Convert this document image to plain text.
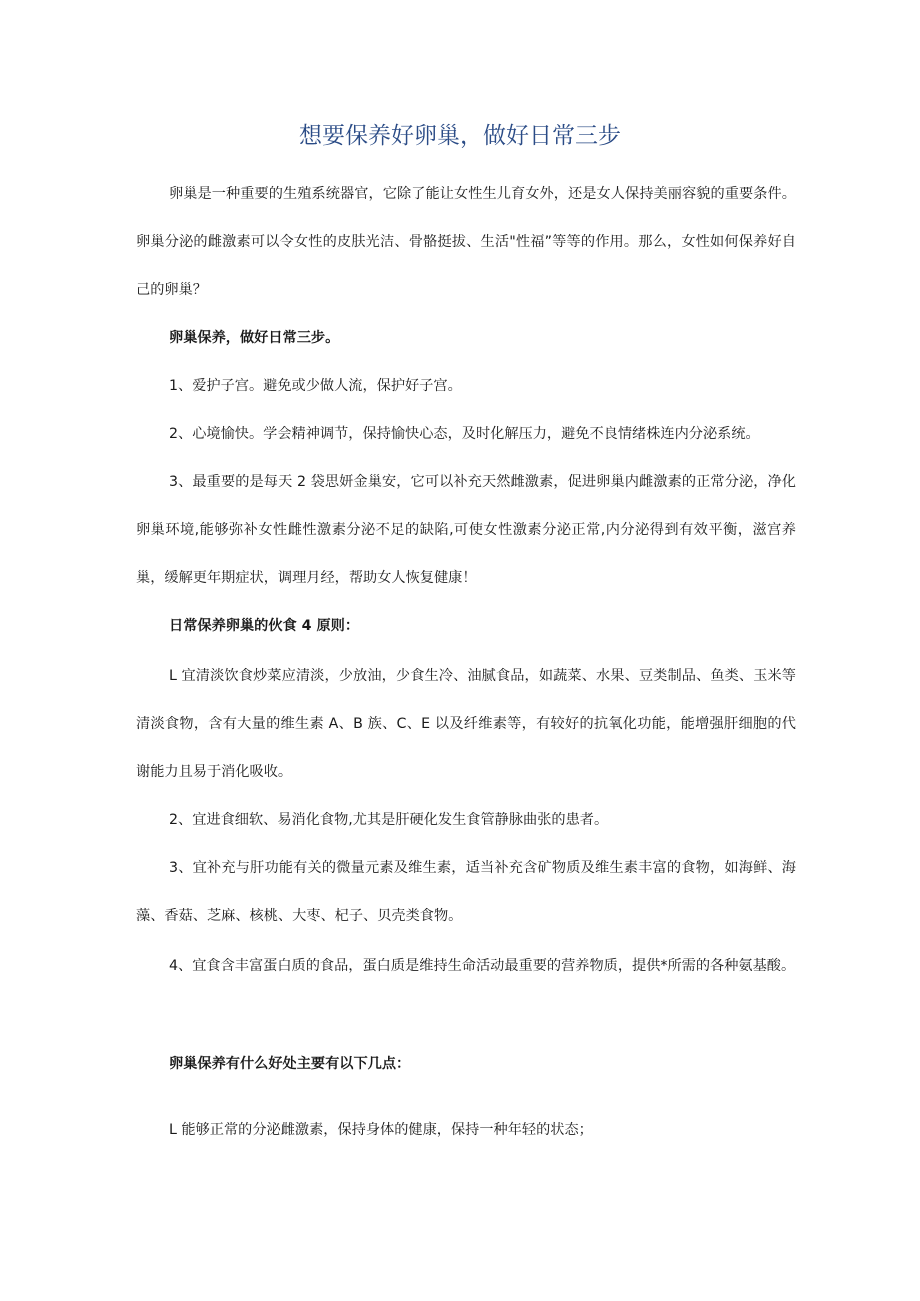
想要保养好卵巢，做好日常三步

卵巢是一种重要的生殖系统器官，它除了能让女性生儿育女外，还是女人保持美丽容貌的重要条件。卵巢分泌的雌激素可以令女性的皮肤光洁、骨骼挺拔、生活"性福”等等的作用。那么，女性如何保养好自己的卵巢？

卵巢保养，做好日常三步。

1、爱护子宫。避免或少做人流，保护好子宫。

2、心境愉快。学会精神调节，保持愉快心态，及时化解压力，避免不良情绪株连内分泌系统。

3、最重要的是每天 2 袋思妍金巢安，它可以补充天然雌激素，促进卵巢内雌激素的正常分泌，净化卵巢环境,能够弥补女性雌性激素分泌不足的缺陷,可使女性激素分泌正常,内分泌得到有效平衡，滋宫养巢，缓解更年期症状，调理月经，帮助女人恢复健康！

日常保养卵巢的伙食 4 原则：

L 宜清淡饮食炒菜应清淡，少放油，少食生冷、油腻食品，如蔬菜、水果、豆类制品、鱼类、玉米等清淡食物，含有大量的维生素 A、B 族、C、E 以及纤维素等，有较好的抗氧化功能，能增强肝细胞的代谢能力且易于消化吸收。

2、宜进食细软、易消化食物,尤其是肝硬化发生食管静脉曲张的患者。

3、宜补充与肝功能有关的微量元素及维生素，适当补充含矿物质及维生素丰富的食物，如海鲜、海藻、香菇、芝麻、核桃、大枣、杞子、贝壳类食物。

4、宜食含丰富蛋白质的食品，蛋白质是维持生命活动最重要的营养物质，提供*所需的各种氨基酸。

卵巢保养有什么好处主要有以下几点：

L 能够正常的分泌雌激素，保持身体的健康，保持一种年轻的状态；
